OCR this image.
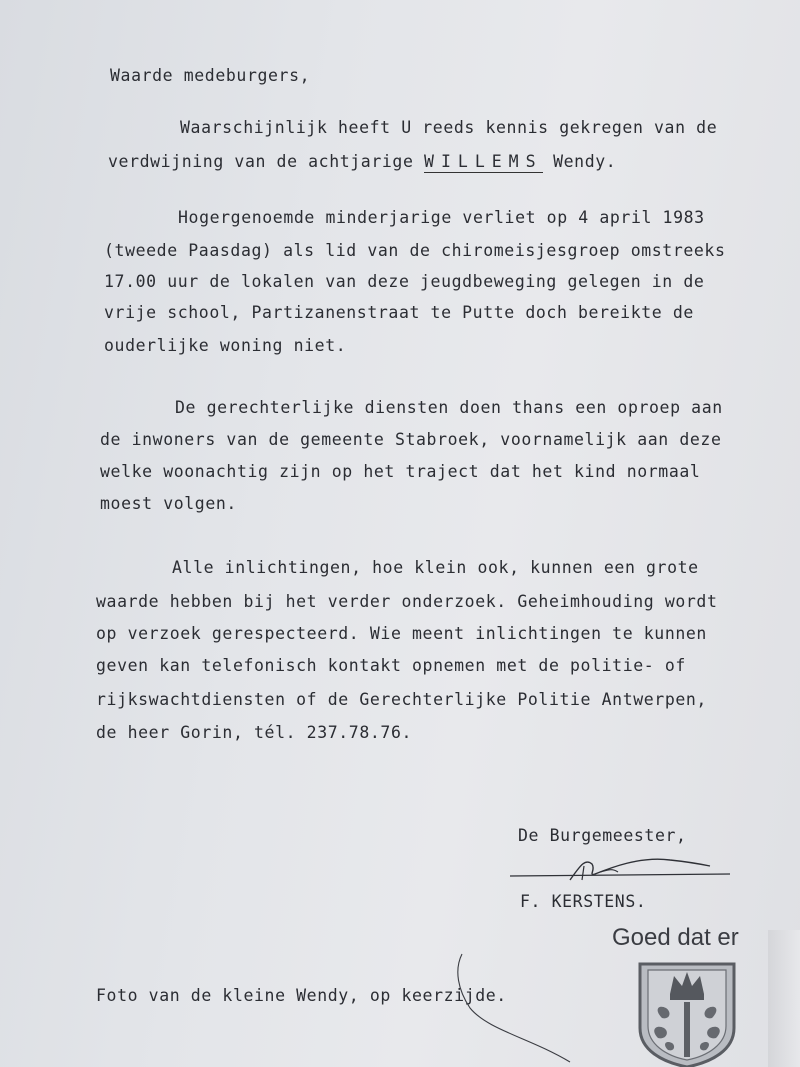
Waarde medeburgers,
Waarschijnlijk heeft U reeds kennis gekregen van de
verdwijning van de achtjarige WILLEMS Wendy.
Hogergenoemde minderjarige verliet op 4 april 1983
(tweede Paasdag) als lid van de chiromeisjesgroep omstreeks
17.00 uur de lokalen van deze jeugdbeweging gelegen in de
vrije school, Partizanenstraat te Putte doch bereikte de
ouderlijke woning niet.
De gerechterlijke diensten doen thans een oproep aan
de inwoners van de gemeente Stabroek, voornamelijk aan deze
welke woonachtig zijn op het traject dat het kind normaal
moest volgen.
Alle inlichtingen, hoe klein ook, kunnen een grote
waarde hebben bij het verder onderzoek. Geheimhouding wordt
op verzoek gerespecteerd. Wie meent inlichtingen te kunnen
geven kan telefonisch kontakt opnemen met de politie- of
rijkswachtdiensten of de Gerechterlijke Politie Antwerpen,
de heer Gorin, tél. 237.78.76.
De Burgemeester,
F. KERSTENS.
Goed dat er
Foto van de kleine Wendy, op keerzijde.
